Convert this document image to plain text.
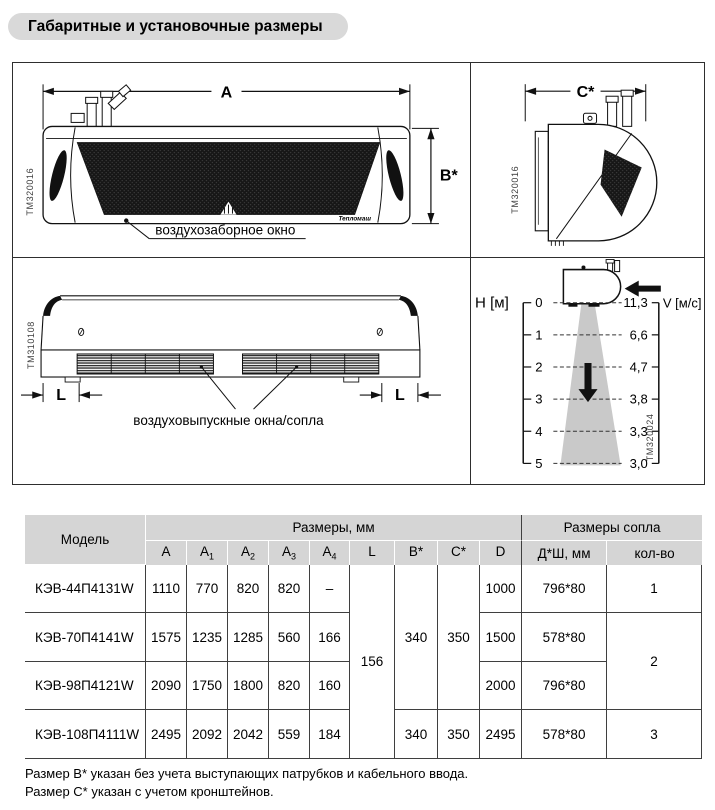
Габаритные и установочные размеры
A
Тепломаш
B*
воздухозаборное окно
TM320016
C*
TM320016
L	L
воздуховыпускные окна/сопла
TM310108
H [м] 0
1
2
3
4
5
11,3
6,6
4,7
3,8
3,3
3,0
V [м/с]
TM320024
Модель	Размеры, мм									Размеры сопла	
	A	$A_1$	$A_2$	$A_3$	$A_4$	L	B*	C*	D	Д*Ш, мм	кол-во
КЭВ-44П4131W	1110	770	820	820	–	156	340	350	1000	796*80	1
КЭВ-70П4141W	1575	1235	1285	560	166				1500	578*80	2
КЭВ-98П4121W	2090	1750	1800	820	160				2000	796*80	
КЭВ-108П4111W	2495	2092	2042	559	184		340	350	2495	578*80	3
Размер B* указан без учета выступающих патрубков и кабельного ввода.
Размер C* указан с учетом кронштейнов.
